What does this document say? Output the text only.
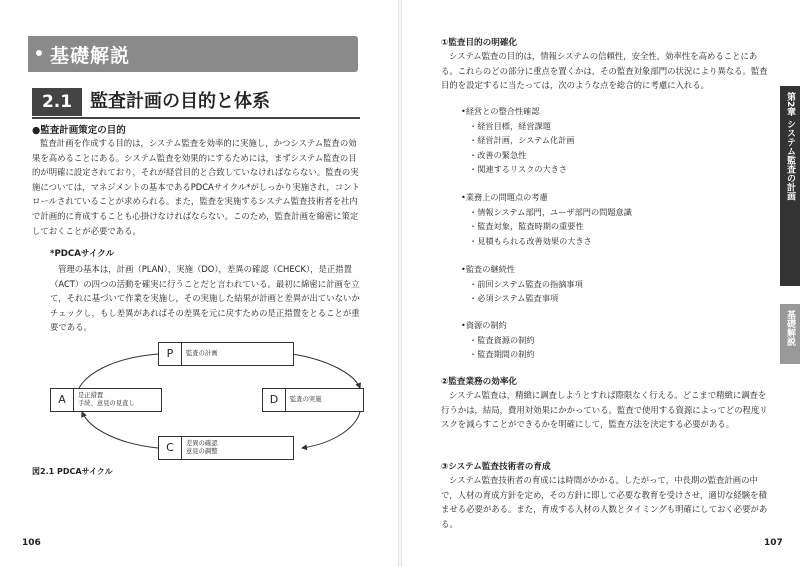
基礎解説
2.1 監査計画の目的と体系
●監査計画策定の目的
監査計画を作成する目的は，システム監査を効率的に実施し，かつシステム監査の効果を高めることにある。システム監査を効果的にするためには，まずシステム監査の目的が明確に設定されており，それが経営目的と合致していなければならない。監査の実施については，マネジメントの基本であるPDCAサイクル*がしっかり実施され，コントロールされていることが求められる。また，監査を実施するシステム監査技術者を社内で計画的に育成することも心掛けなければならない。このため，監査計画を綿密に策定しておくことが必要である。
*PDCAサイクル
管理の基本は，計画（PLAN），実施（DO），差異の確認（CHECK），是正措置（ACT）の四つの活動を確実に行うことだと言われている。最初に綿密に計画を立て，それに基づいて作業を実施し，その実施した結果が計画と差異が出ていないかチェックし，もし差異があればその差異を元に戻すための是正措置をとることが重要である。
P	監査の計画
D	監査の実施
C	差異の確認
意見の調整
A	是正措置
手続、意見の見直し
図2.1 PDCAサイクル
106
①監査目的の明確化
システム監査の目的は，情報システムの信頼性，安全性，効率性を高めることにある。これらのどの部分に重点を置くかは，その監査対象部門の状況により異なる。監査目的を設定するに当たっては，次のような点を総合的に考慮に入れる。
•経営との整合性確認
・経営目標，経営課題
・経営計画，システム化計画
・改善の緊急性
・関連するリスクの大きさ
•業務上の問題点の考慮
・情報システム部門，ユーザ部門の問題意識
・監査対象，監査時期の重要性
・見積もられる改善効果の大きさ
•監査の継続性
・前回システム監査の指摘事項
・必須システム監査事項
•資源の制約
・監査資源の制約
・監査期間の制約
②監査業務の効率化
システム監査は，精緻に調査しようとすれば際限なく行える。どこまで精緻に調査を行うかは，結局，費用対効果にかかっている。監査で使用する資源によってどの程度リスクを減らすことができるかを明確にして，監査方法を決定する必要がある。
③システム監査技術者の育成
システム監査技術者の育成には時間がかかる。したがって，中長期の監査計画の中で，人材の育成方針を定め，その方針に即して必要な教育を受けさせ，適切な経験を積ませる必要がある。また，育成する人材の人数とタイミングも明確にしておく必要がある。
107
第2章 システム監査の計画
基礎解説
